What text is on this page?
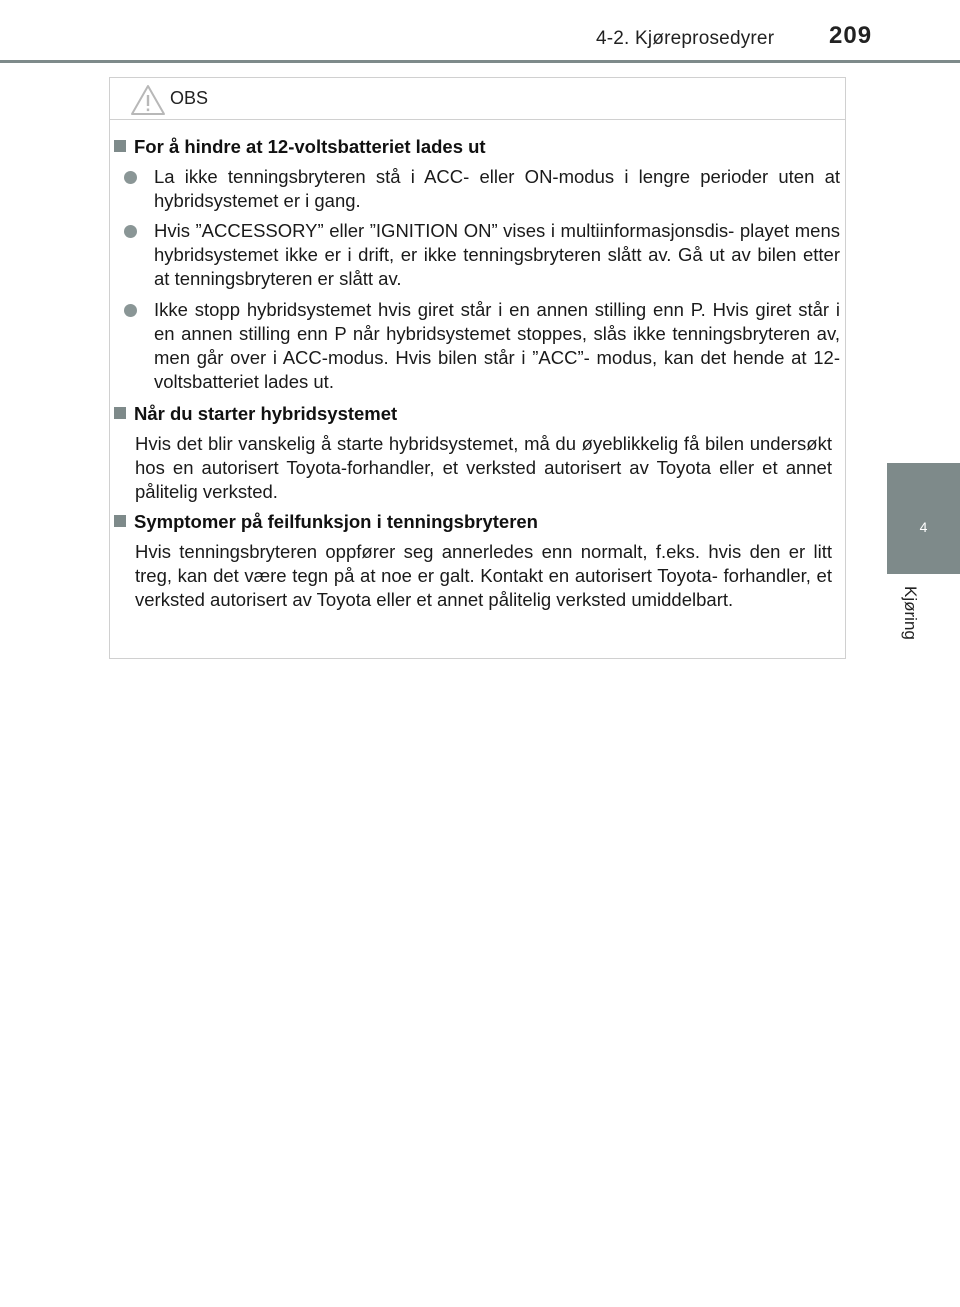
4-2. Kjøreprosedyrer 209
4
Kjøring
OBS
For å hindre at 12-voltsbatteriet lades ut
La ikke tenningsbryteren stå i ACC- eller ON-modus i lengre perioder uten at hybridsystemet er i gang.
Hvis ”ACCESSORY” eller ”IGNITION ON” vises i multiinformasjonsdis- playet mens hybridsystemet ikke er i drift, er ikke tenningsbryteren slått av. Gå ut av bilen etter at tenningsbryteren er slått av.
Ikke stopp hybridsystemet hvis giret står i en annen stilling enn P. Hvis giret står i en annen stilling enn P når hybridsystemet stoppes, slås ikke tenningsbryteren av, men går over i ACC-modus. Hvis bilen står i ”ACC”- modus, kan det hende at 12-voltsbatteriet lades ut.
Når du starter hybridsystemet
Hvis det blir vanskelig å starte hybridsystemet, må du øyeblikkelig få bilen undersøkt hos en autorisert Toyota-forhandler, et verksted autorisert av Toyota eller et annet pålitelig verksted.
Symptomer på feilfunksjon i tenningsbryteren
Hvis tenningsbryteren oppfører seg annerledes enn normalt, f.eks. hvis den er litt treg, kan det være tegn på at noe er galt. Kontakt en autorisert Toyota- forhandler, et verksted autorisert av Toyota eller et annet pålitelig verksted umiddelbart.
